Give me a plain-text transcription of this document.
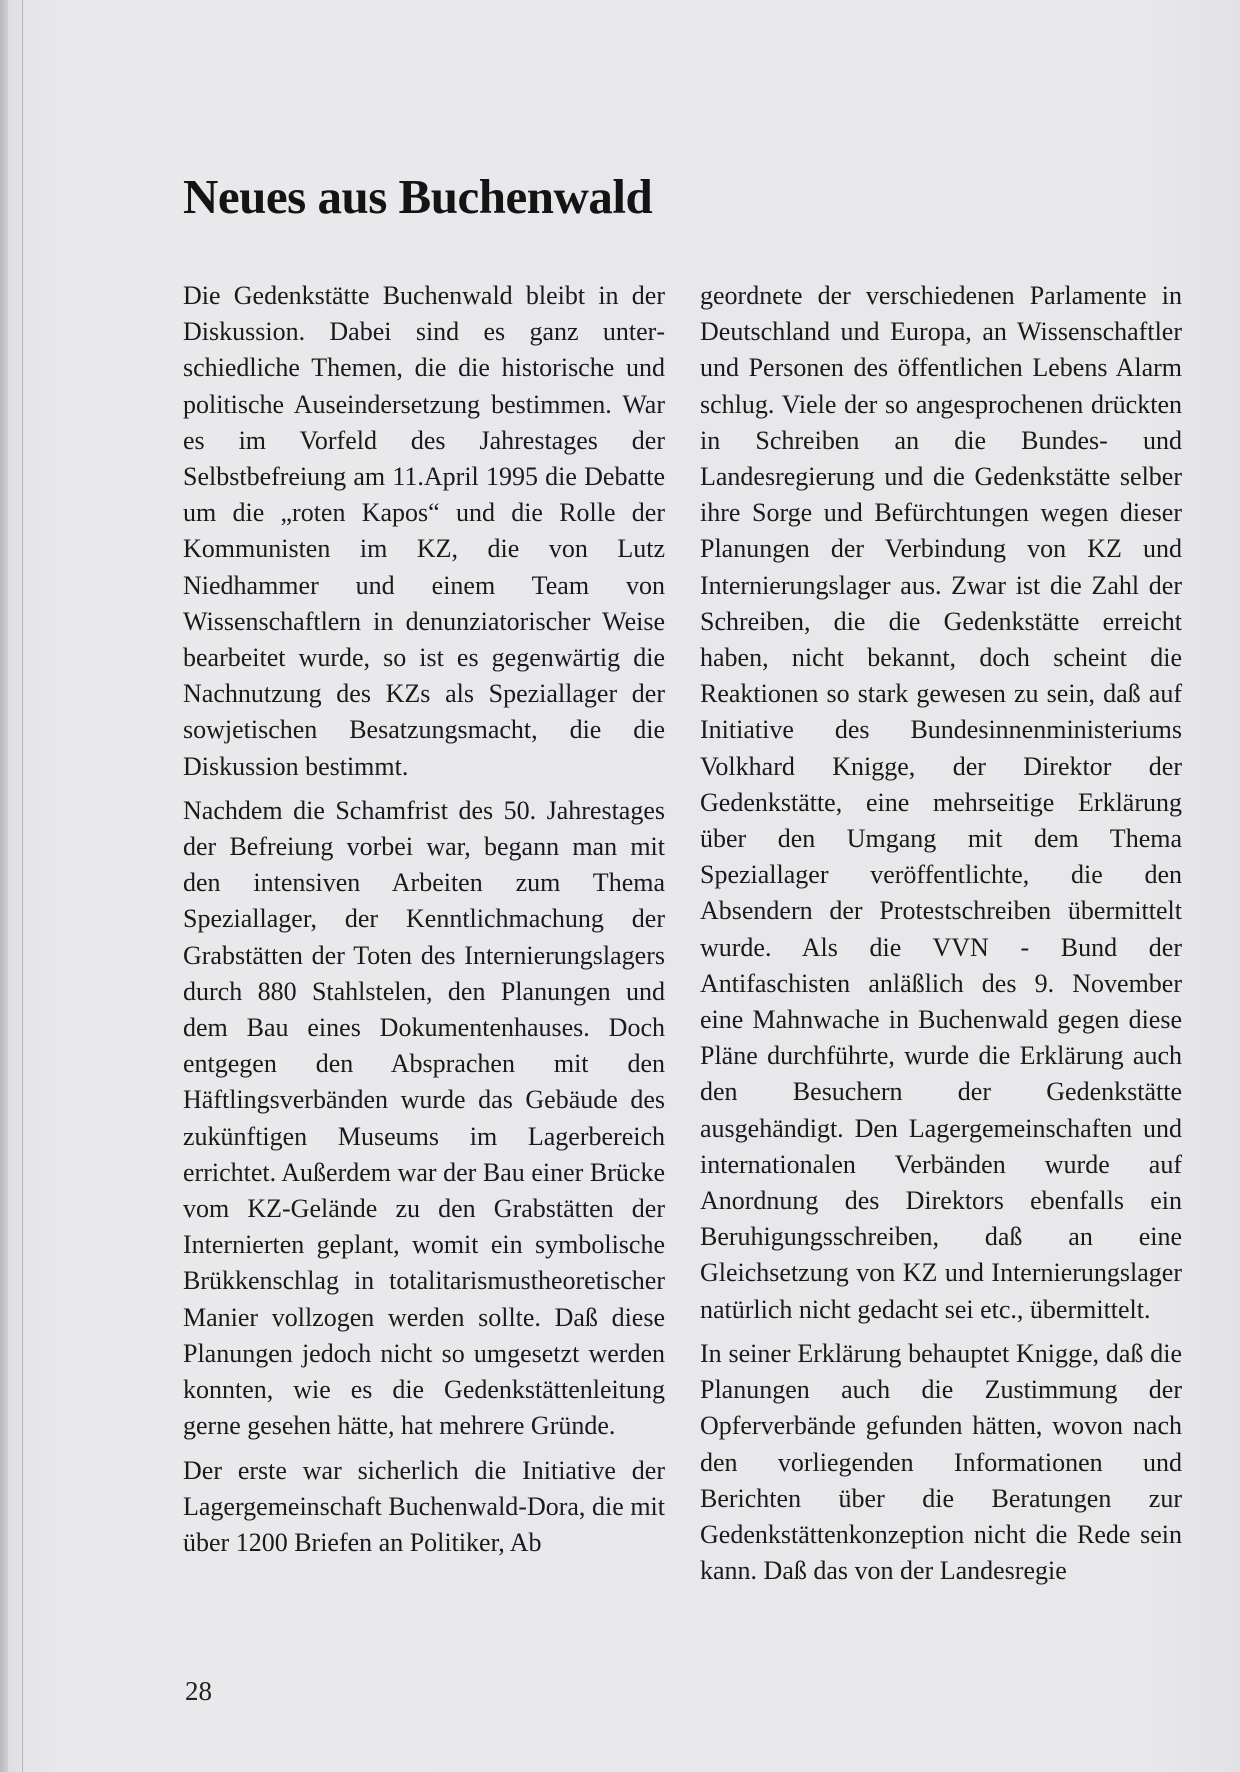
Neues aus Buchenwald

Die Gedenkstätte Buchenwald bleibt in der Diskussion. Dabei sind es ganz unterschiedliche Themen, die die historische und politische Auseindersetzung bestimmen. War es im Vorfeld des Jahrestages der Selbstbefreiung am 11.April 1995 die Debatte um die „roten Kapos“ und die Rolle der Kommunisten im KZ, die von Lutz Niedhammer und einem Team von Wissenschaftlern in denunziatorischer Weise bearbeitet wurde, so ist es gegenwärtig die Nachnutzung des KZs als Speziallager der sowjetischen Besatzungsmacht, die die Diskussion bestimmt.

Nachdem die Schamfrist des 50. Jahrestages der Befreiung vorbei war, begann man mit den intensiven Arbeiten zum Thema Speziallager, der Kenntlichmachung der Grabstätten der Toten des Internierungslagers durch 880 Stahlstelen, den Planungen und dem Bau eines Dokumentenhauses. Doch entgegen den Absprachen mit den Häftlingsverbänden wurde das Gebäude des zukünftigen Museums im Lagerbereich errichtet. Außerdem war der Bau einer Brücke vom KZ-Gelände zu den Grabstätten der Internierten geplant, womit ein symbolische Brükkenschlag in totalitarismustheoretischer Manier vollzogen werden sollte. Daß diese Planungen jedoch nicht so umgesetzt werden konnten, wie es die Gedenkstättenleitung gerne gesehen hätte, hat mehrere Gründe.

Der erste war sicherlich die Initiative der Lagergemeinschaft Buchenwald-Dora, die mit über 1200 Briefen an Politiker, Ab

geordnete der verschiedenen Parlamente in Deutschland und Europa, an Wissenschaftler und Personen des öffentlichen Lebens Alarm schlug. Viele der so angesprochenen drückten in Schreiben an die Bundes- und Landesregierung und die Gedenkstätte selber ihre Sorge und Befürchtungen wegen dieser Planungen der Verbindung von KZ und Internierungslager aus. Zwar ist die Zahl der Schreiben, die die Gedenkstätte erreicht haben, nicht bekannt, doch scheint die Reaktionen so stark gewesen zu sein, daß auf Initiative des Bundesinnenministeriums Volkhard Knigge, der Direktor der Gedenkstätte, eine mehrseitige Erklärung über den Umgang mit dem Thema Speziallager veröffentlichte, die den Absendern der Protestschreiben übermittelt wurde. Als die VVN - Bund der Antifaschisten anläßlich des 9. November eine Mahnwache in Buchenwald gegen diese Pläne durchführte, wurde die Erklärung auch den Besuchern der Gedenkstätte ausgehändigt. Den Lagergemeinschaften und internationalen Verbänden wurde auf Anordnung des Direktors ebenfalls ein Beruhigungsschreiben, daß an eine Gleichsetzung von KZ und Internierungslager natürlich nicht gedacht sei etc., übermittelt.

In seiner Erklärung behauptet Knigge, daß die Planungen auch die Zustimmung der Opferverbände gefunden hätten, wovon nach den vorliegenden Informationen und Berichten über die Beratungen zur Gedenkstättenkonzeption nicht die Rede sein kann. Daß das von der Landesregie

28
